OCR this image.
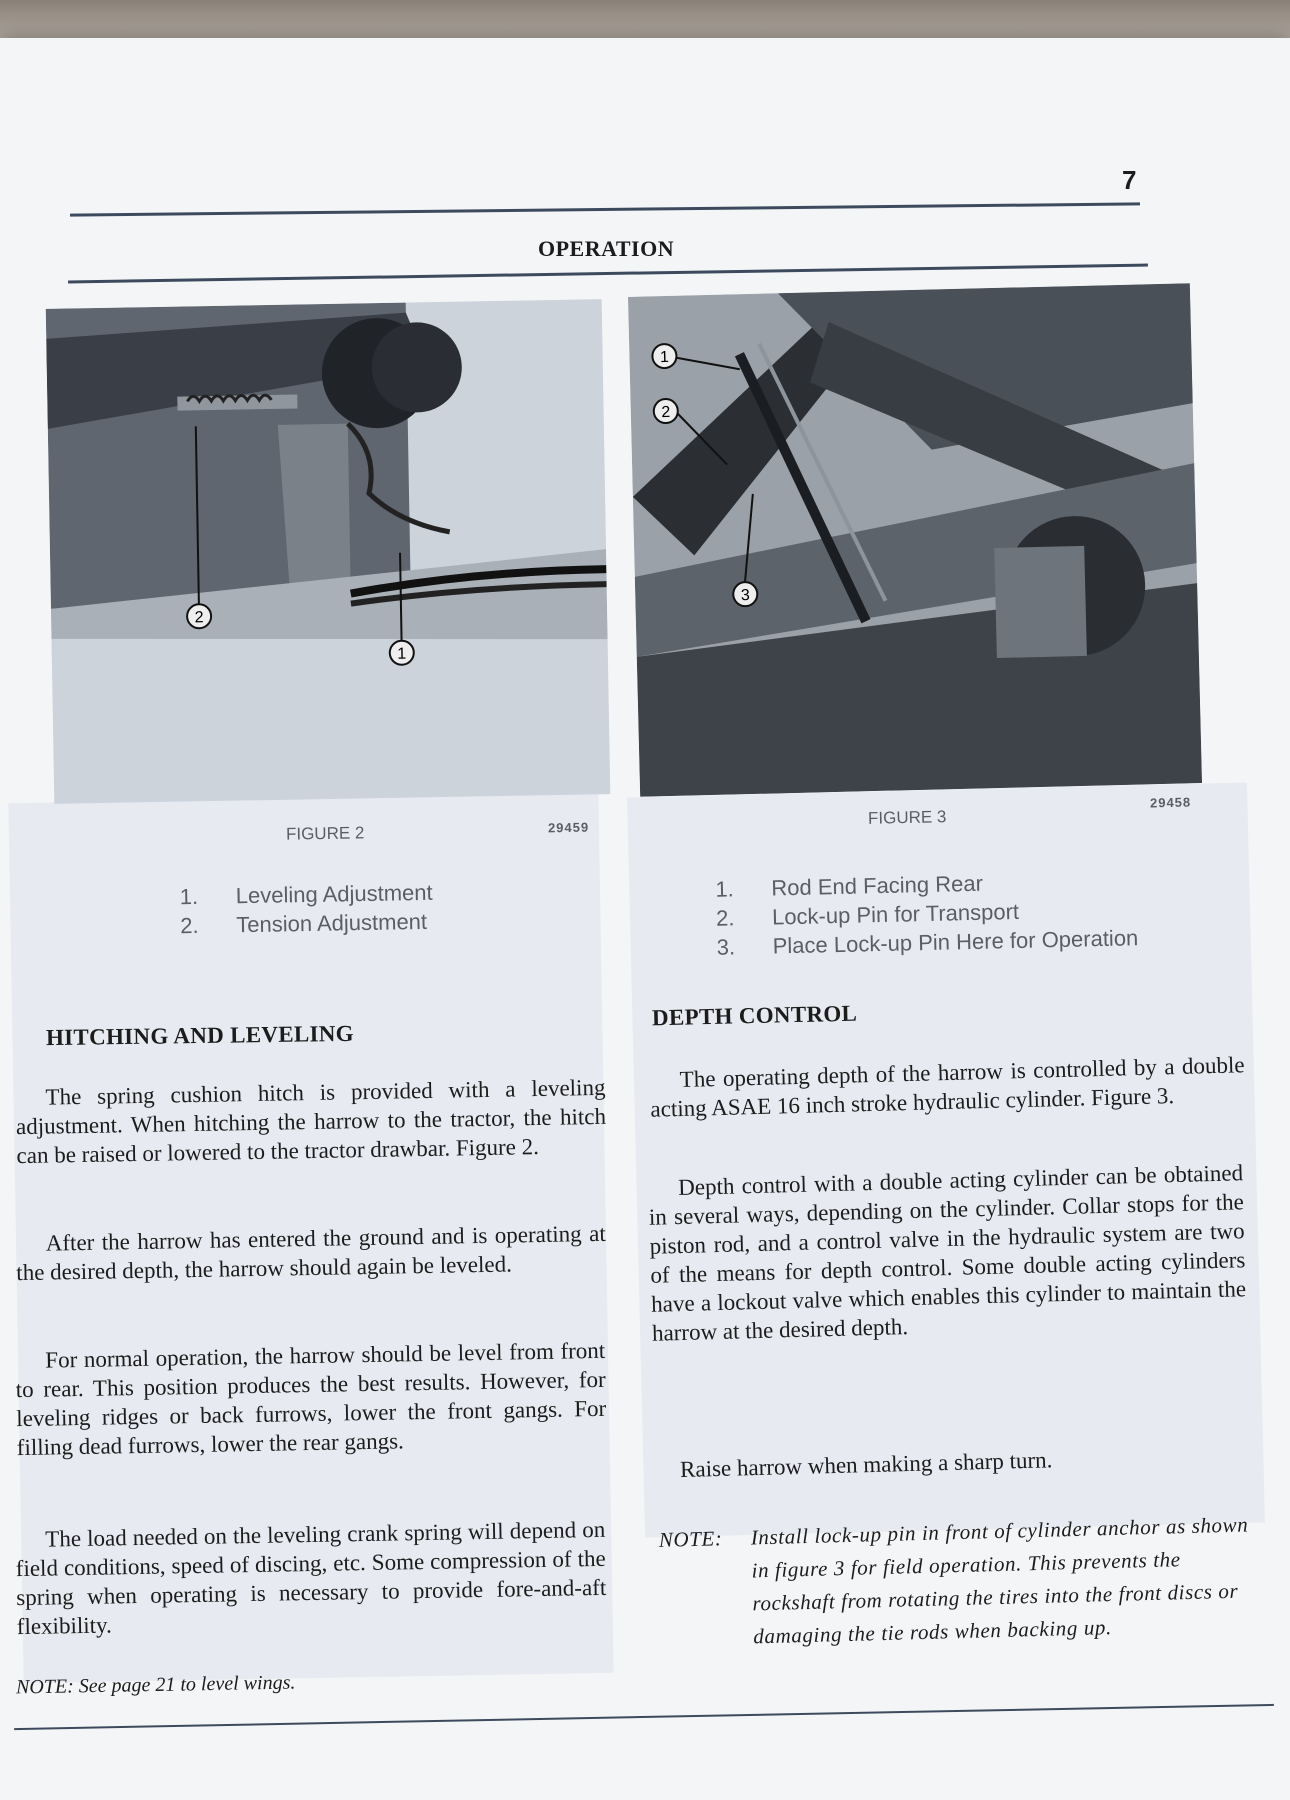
7
OPERATION
2
1
FIGURE 2	29459
1.	Leveling Adjustment
2.	Tension Adjustment
1
2
3
FIGURE 3
29458
1.	Rod End Facing Rear
2.	Lock-up Pin for Transport
3.	Place Lock-up Pin Here for Operation
HITCHING AND LEVELING
The spring cushion hitch is provided with a leveling adjustment. When hitching the harrow to the tractor, the hitch can be raised or lowered to the tractor drawbar. Figure 2.
After the harrow has entered the ground and is operating at the desired depth, the harrow should again be leveled.
For normal operation, the harrow should be level from front to rear. This position produces the best results. However, for leveling ridges or back furrows, lower the front gangs. For filling dead furrows, lower the rear gangs.
The load needed on the leveling crank spring will depend on field conditions, speed of discing, etc. Some compression of the spring when operating is necessary to provide fore-and-aft flexibility.
NOTE: See page 21 to level wings.
DEPTH CONTROL
The operating depth of the harrow is controlled by a double acting ASAE 16 inch stroke hydraulic cylinder. Figure 3.
Depth control with a double acting cylinder can be obtained in several ways, depending on the cylinder. Collar stops for the piston rod, and a control valve in the hydraulic system are two of the means for depth control. Some double acting cylinders have a lockout valve which enables this cylinder to maintain the harrow at the desired depth.
Raise harrow when making a sharp turn.
NOTE: Install lock-up pin in front of cylinder anchor as shown in figure 3 for field operation. This prevents the rockshaft from rotating the tires into the front discs or damaging the tie rods when backing up.
